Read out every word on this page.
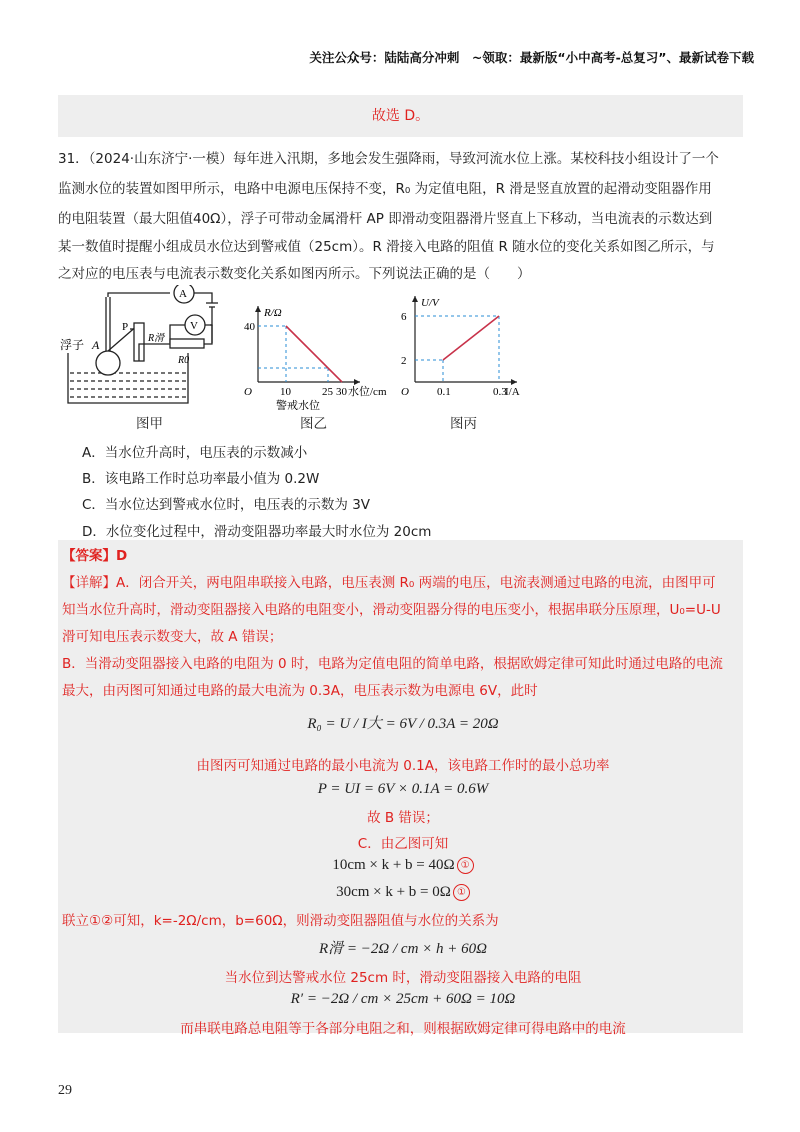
关注公众号：陆陆高分冲刺　~领取：最新版“小中高考-总复习”、最新试卷下载
故选 D。
31．（2024·山东济宁·一模）每年进入汛期，多地会发生强降雨，导致河流水位上涨。某校科技小组设计了一个
监测水位的装置如图甲所示，电路中电源电压保持不变，R₀ 为定值电阻，R 滑是竖直放置的起滑动变阻器作用
的电阻装置（最大阻值40Ω），浮子可带动金属滑杆 AP 即滑动变阻器滑片竖直上下移动，当电流表的示数达到
某一数值时提醒小组成员水位达到警戒值（25cm）。R 滑接入电路的阻值 R 随水位的变化关系如图乙所示，与
之对应的电压表与电流表示数变化关系如图丙所示。下列说法正确的是（　　）
A
V
P
R滑
R0
A
浮子
图甲
10	25 30
40
O
R/Ω
水位/cm
警戒水位
图乙
0.1	0.3
6
2
O
U/V
I/A
图丙
A．当水位升高时，电压表的示数减小
B．该电路工作时总功率最小值为 0.2W
C．当水位达到警戒水位时，电压表的示数为 3V
D．水位变化过程中，滑动变阻器功率最大时水位为 20cm
【答案】D
【详解】A．闭合开关，两电阻串联接入电路，电压表测 R₀ 两端的电压，电流表测通过电路的电流，由图甲可
知当水位升高时，滑动变阻器接入电路的电阻变小，滑动变阻器分得的电压变小，根据串联分压原理，U₀=U-U
滑可知电压表示数变大，故 A 错误；
B．当滑动变阻器接入电路的电阻为 0 时，电路为定值电阻的简单电路，根据欧姆定律可知此时通过电路的电流
最大，由丙图可知通过电路的最大电流为 0.3A，电压表示数为电源电 6V，此时
R₀ = U / I大 = 6V / 0.3A = 20Ω
由图丙可知通过电路的最小电流为 0.1A，该电路工作时的最小总功率
P = UI = 6V × 0.1A = 0.6W
故 B 错误；
C．由乙图可知
10cm × k + b = 40Ω ①
30cm × k + b = 0Ω ①
联立①②可知，k=-2Ω/cm，b=60Ω，则滑动变阻器阻值与水位的关系为
R滑 = −2Ω / cm × h + 60Ω
当水位到达警戒水位 25cm 时，滑动变阻器接入电路的电阻
R′ = −2Ω / cm × 25cm + 60Ω = 10Ω
而串联电路总电阻等于各部分电阻之和，则根据欧姆定律可得电路中的电流
29
